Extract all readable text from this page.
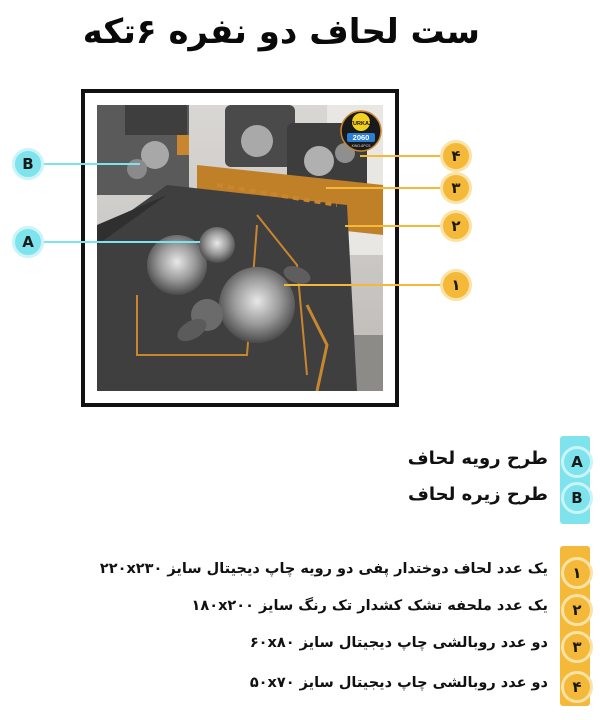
ست لحاف دو نفره ۶تکه
TURKAZ
2060
KING-6PCS
B
A
۴
۳
۲
۱
A
B
طرح رویه لحاف
طرح زیره لحاف
۱
۲
۳
۴
یک عدد لحاف دوختدار پفی دو رویه چاپ دیجیتال سایز ۲۲۰x۲۳۰
یک عدد ملحفه تشک کشدار تک رنگ سایز ۱۸۰x۲۰۰
دو عدد روبالشی چاپ دیجیتال سایز ۶۰x۸۰
دو عدد روبالشی چاپ دیجیتال سایز ۵۰x۷۰
